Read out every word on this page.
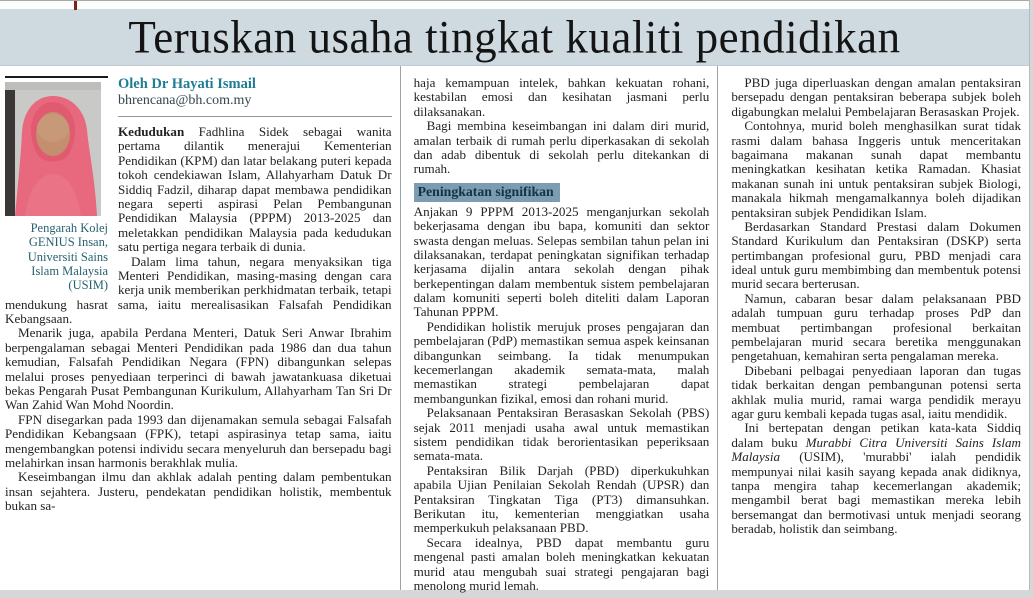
Teruskan usaha tingkat kualiti pendidikan
Pengarah Kolej GENIUS Insan, Universiti Sains Islam Malaysia (USIM)
Oleh Dr Hayati Ismail
bhrencana@bh.com.my

Kedudukan Fadhlina Sidek sebagai wanita pertama dilantik menerajui Kementerian Pendidikan (KPM) dan latar belakang puteri kepada tokoh cendekiawan Islam, Allahyarham Datuk Dr Siddiq Fadzil, diharap dapat membawa pendidikan negara seperti aspirasi Pelan Pembangunan Pendidikan Malaysia (PPPM) 2013-2025 dan meletakkan pendidikan Malaysia pada kedudukan satu pertiga negara terbaik di dunia.

Dalam lima tahun, negara menyaksikan tiga Menteri Pendidikan, masing-masing dengan cara kerja unik memberikan perkhidmatan terbaik, tetapi mendukung hasrat sama, iaitu merealisasikan Falsafah Pendidikan Kebangsaan.

Menarik juga, apabila Perdana Menteri, Datuk Seri Anwar Ibrahim berpengalaman sebagai Menteri Pendidikan pada 1986 dan dua tahun kemudian, Falsafah Pendidikan Negara (FPN) dibangunkan selepas melalui proses penyediaan terperinci di bawah jawatankuasa diketuai bekas Pengarah Pusat Pembangunan Kurikulum, Allahyarham Tan Sri Dr Wan Zahid Wan Mohd Noordin.

FPN disegarkan pada 1993 dan dijenamakan semula sebagai Falsafah Pendidikan Kebangsaan (FPK), tetapi aspirasinya tetap sama, iaitu mengembangkan potensi individu secara menyeluruh dan bersepadu bagi melahirkan insan harmonis berakhlak mulia.

Keseimbangan ilmu dan akhlak adalah penting dalam pembentukan insan sejahtera. Justeru, pendekatan pendidikan holistik, membentuk bukan sa-

haja kemampuan intelek, bahkan kekuatan rohani, kestabilan emosi dan kesihatan jasmani perlu dilaksanakan.

Bagi membina keseimbangan ini dalam diri murid, amalan terbaik di rumah perlu diperkasakan di sekolah dan adab dibentuk di sekolah perlu ditekankan di rumah.

Peningkatan signifikan

Anjakan 9 PPPM 2013-2025 menganjurkan sekolah bekerjasama dengan ibu bapa, komuniti dan sektor swasta dengan meluas. Selepas sembilan tahun pelan ini dilaksanakan, terdapat peningkatan signifikan terhadap kerjasama dijalin antara sekolah dengan pihak berkepentingan dalam membentuk sistem pembelajaran dalam komuniti seperti boleh diteliti dalam Laporan Tahunan PPPM.

Pendidikan holistik merujuk proses pengajaran dan pembelajaran (PdP) memastikan semua aspek keinsanan dibangunkan seimbang. Ia tidak menumpukan kecemerlangan akademik semata-mata, malah memastikan strategi pembelajaran dapat membangunkan fizikal, emosi dan rohani murid.

Pelaksanaan Pentaksiran Berasaskan Sekolah (PBS) sejak 2011 menjadi usaha awal untuk memastikan sistem pendidikan tidak berorientasikan peperiksaan semata-mata.

Pentaksiran Bilik Darjah (PBD) diperkukuhkan apabila Ujian Penilaian Sekolah Rendah (UPSR) dan Pentaksiran Tingkatan Tiga (PT3) dimansuhkan. Berikutan itu, kementerian menggiatkan usaha memperkukuh pelaksanaan PBD.

Secara idealnya, PBD dapat membantu guru mengenal pasti amalan boleh meningkatkan kekuatan murid atau mengubah suai strategi pengajaran bagi menolong murid lemah.

PBD juga diperluaskan dengan amalan pentaksiran bersepadu dengan pentaksiran beberapa subjek boleh digabungkan melalui Pembelajaran Berasaskan Projek.

Contohnya, murid boleh menghasilkan surat tidak rasmi dalam bahasa Inggeris untuk menceritakan bagaimana makanan sunah dapat membantu meningkatkan kesihatan ketika Ramadan. Khasiat makanan sunah ini untuk pentaksiran subjek Biologi, manakala hikmah mengamalkannya boleh dijadikan pentaksiran subjek Pendidikan Islam.

Berdasarkan Standard Prestasi dalam Dokumen Standard Kurikulum dan Pentaksiran (DSKP) serta pertimbangan profesional guru, PBD menjadi cara ideal untuk guru membimbing dan membentuk potensi murid secara berterusan.

Namun, cabaran besar dalam pelaksanaan PBD adalah tumpuan guru terhadap proses PdP dan membuat pertimbangan profesional berkaitan pembelajaran murid secara beretika menggunakan pengetahuan, kemahiran serta pengalaman mereka.

Dibebani pelbagai penyediaan laporan dan tugas tidak berkaitan dengan pembangunan potensi serta akhlak mulia murid, ramai warga pendidik merayu agar guru kembali kepada tugas asal, iaitu mendidik.

Ini bertepatan dengan petikan kata-kata Siddiq dalam buku Murabbi Citra Universiti Sains Islam Malaysia (USIM), 'murabbi' ialah pendidik mempunyai nilai kasih sayang kepada anak didiknya, tanpa mengira tahap kecemerlangan akademik; mengambil berat bagi memastikan mereka lebih bersemangat dan bermotivasi untuk menjadi seorang beradab, holistik dan seimbang.
